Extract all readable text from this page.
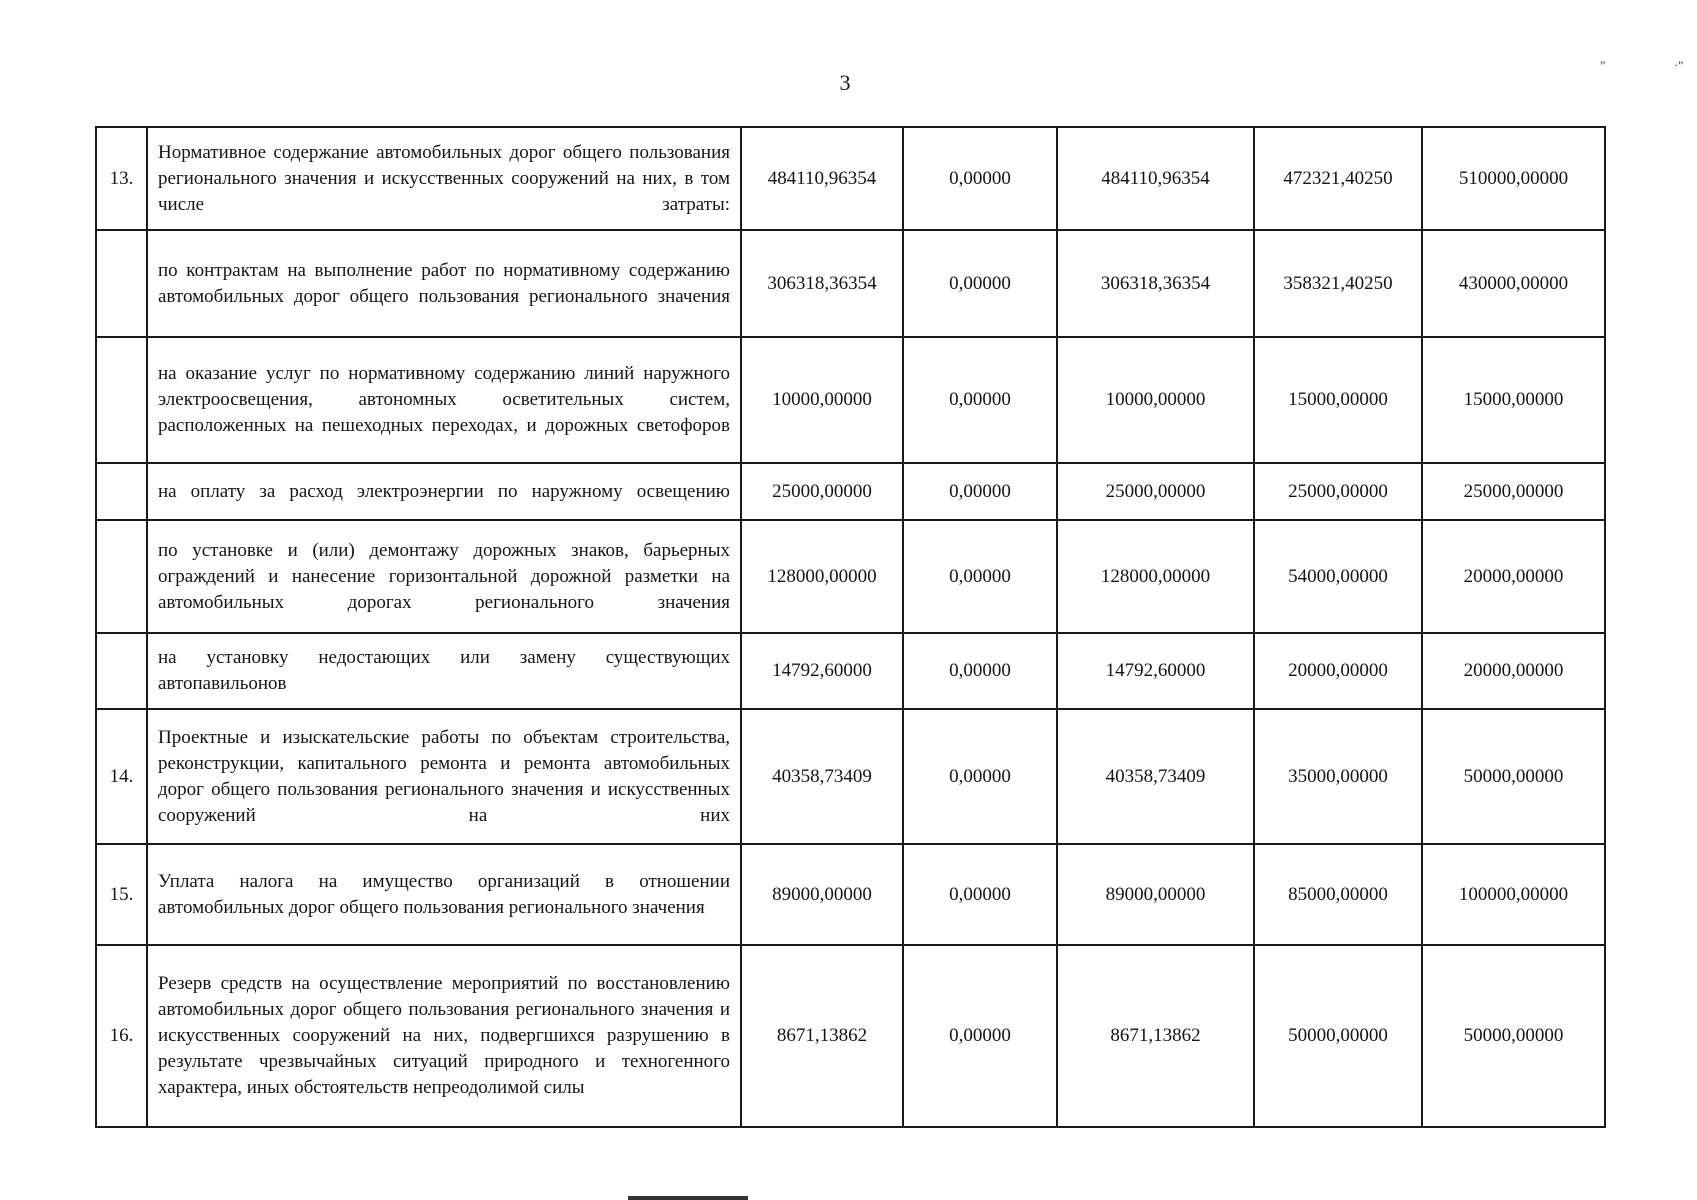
3
”	·”
13.	Нормативное содержание автомобильных дорог общего пользования регионального значения и искусственных сооружений на них, в том числе затраты:	484110,96354	0,00000	484110,96354	472321,40250	510000,00000
	по контрактам на выполнение работ по нормативному содержанию автомобильных дорог общего пользования регионального значения	306318,36354	0,00000	306318,36354	358321,40250	430000,00000
	на оказание услуг по нормативному содержанию линий наружного электроосвещения, автономных осветительных систем, расположенных на пешеходных переходах, и дорожных светофоров	10000,00000	0,00000	10000,00000	15000,00000	15000,00000
	на оплату за расход электроэнергии по наружному освещению	25000,00000	0,00000	25000,00000	25000,00000	25000,00000
	по установке и (или) демонтажу дорожных знаков, барьерных ограждений и нанесение горизонтальной дорожной разметки на автомобильных дорогах регионального значения	128000,00000	0,00000	128000,00000	54000,00000	20000,00000
	на установку недостающих или замену существующих автопавильонов	14792,60000	0,00000	14792,60000	20000,00000	20000,00000
14.	Проектные и изыскательские работы по объектам строительства, реконструкции, капитального ремонта и ремонта автомобильных дорог общего пользования регионального значения и искусственных сооружений на них	40358,73409	0,00000	40358,73409	35000,00000	50000,00000
15.	Уплата налога на имущество организаций в отношении автомобильных дорог общего пользования регионального значения	89000,00000	0,00000	89000,00000	85000,00000	100000,00000
16.	Резерв средств на осуществление мероприятий по восстановлению автомобильных дорог общего пользования регионального значения и искусственных сооружений на них, подвергшихся разрушению в результате чрезвычайных ситуаций природного и техногенного характера, иных обстоятельств непреодолимой силы	8671,13862	0,00000	8671,13862	50000,00000	50000,00000
